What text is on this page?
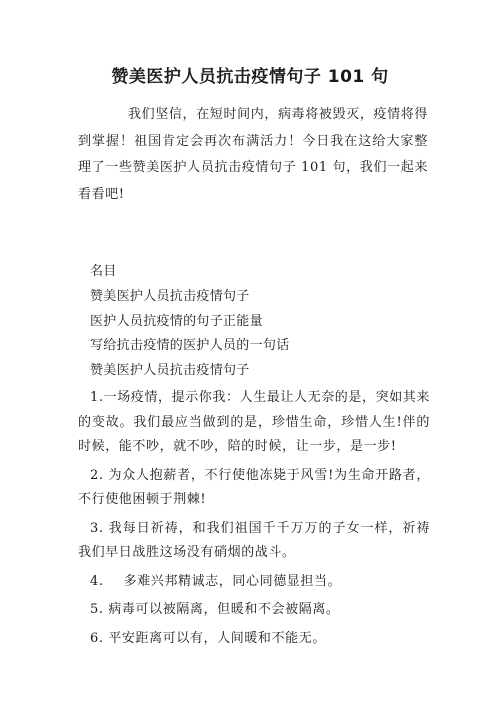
赞美医护人员抗击疫情句子 101 句
我们坚信，在短时间内，病毒将被毁灭，疫情将得到掌握！祖国肯定会再次布满活力！今日我在这给大家整理了一些赞美医护人员抗击疫情句子 101 句，我们一起来看看吧!
名目
赞美医护人员抗击疫情句子
医护人员抗疫情的句子正能量
写给抗击疫情的医护人员的一句话
赞美医护人员抗击疫情句子
1.一场疫情，提示你我：人生最让人无奈的是，突如其来的变故。我们最应当做到的是，珍惜生命，珍惜人生!伴的时候，能不吵，就不吵，陪的时候，让一步，是一步!
2. 为众人抱薪者，不行使他冻毙于风雪!为生命开路者，不行使他困顿于荆棘!
3. 我每日祈祷，和我们祖国千千万万的子女一样，祈祷我们早日战胜这场没有硝烟的战斗。
4. 多难兴邦精诚志，同心同德显担当。
5. 病毒可以被隔离，但暖和不会被隔离。
6. 平安距离可以有，人间暖和不能无。
